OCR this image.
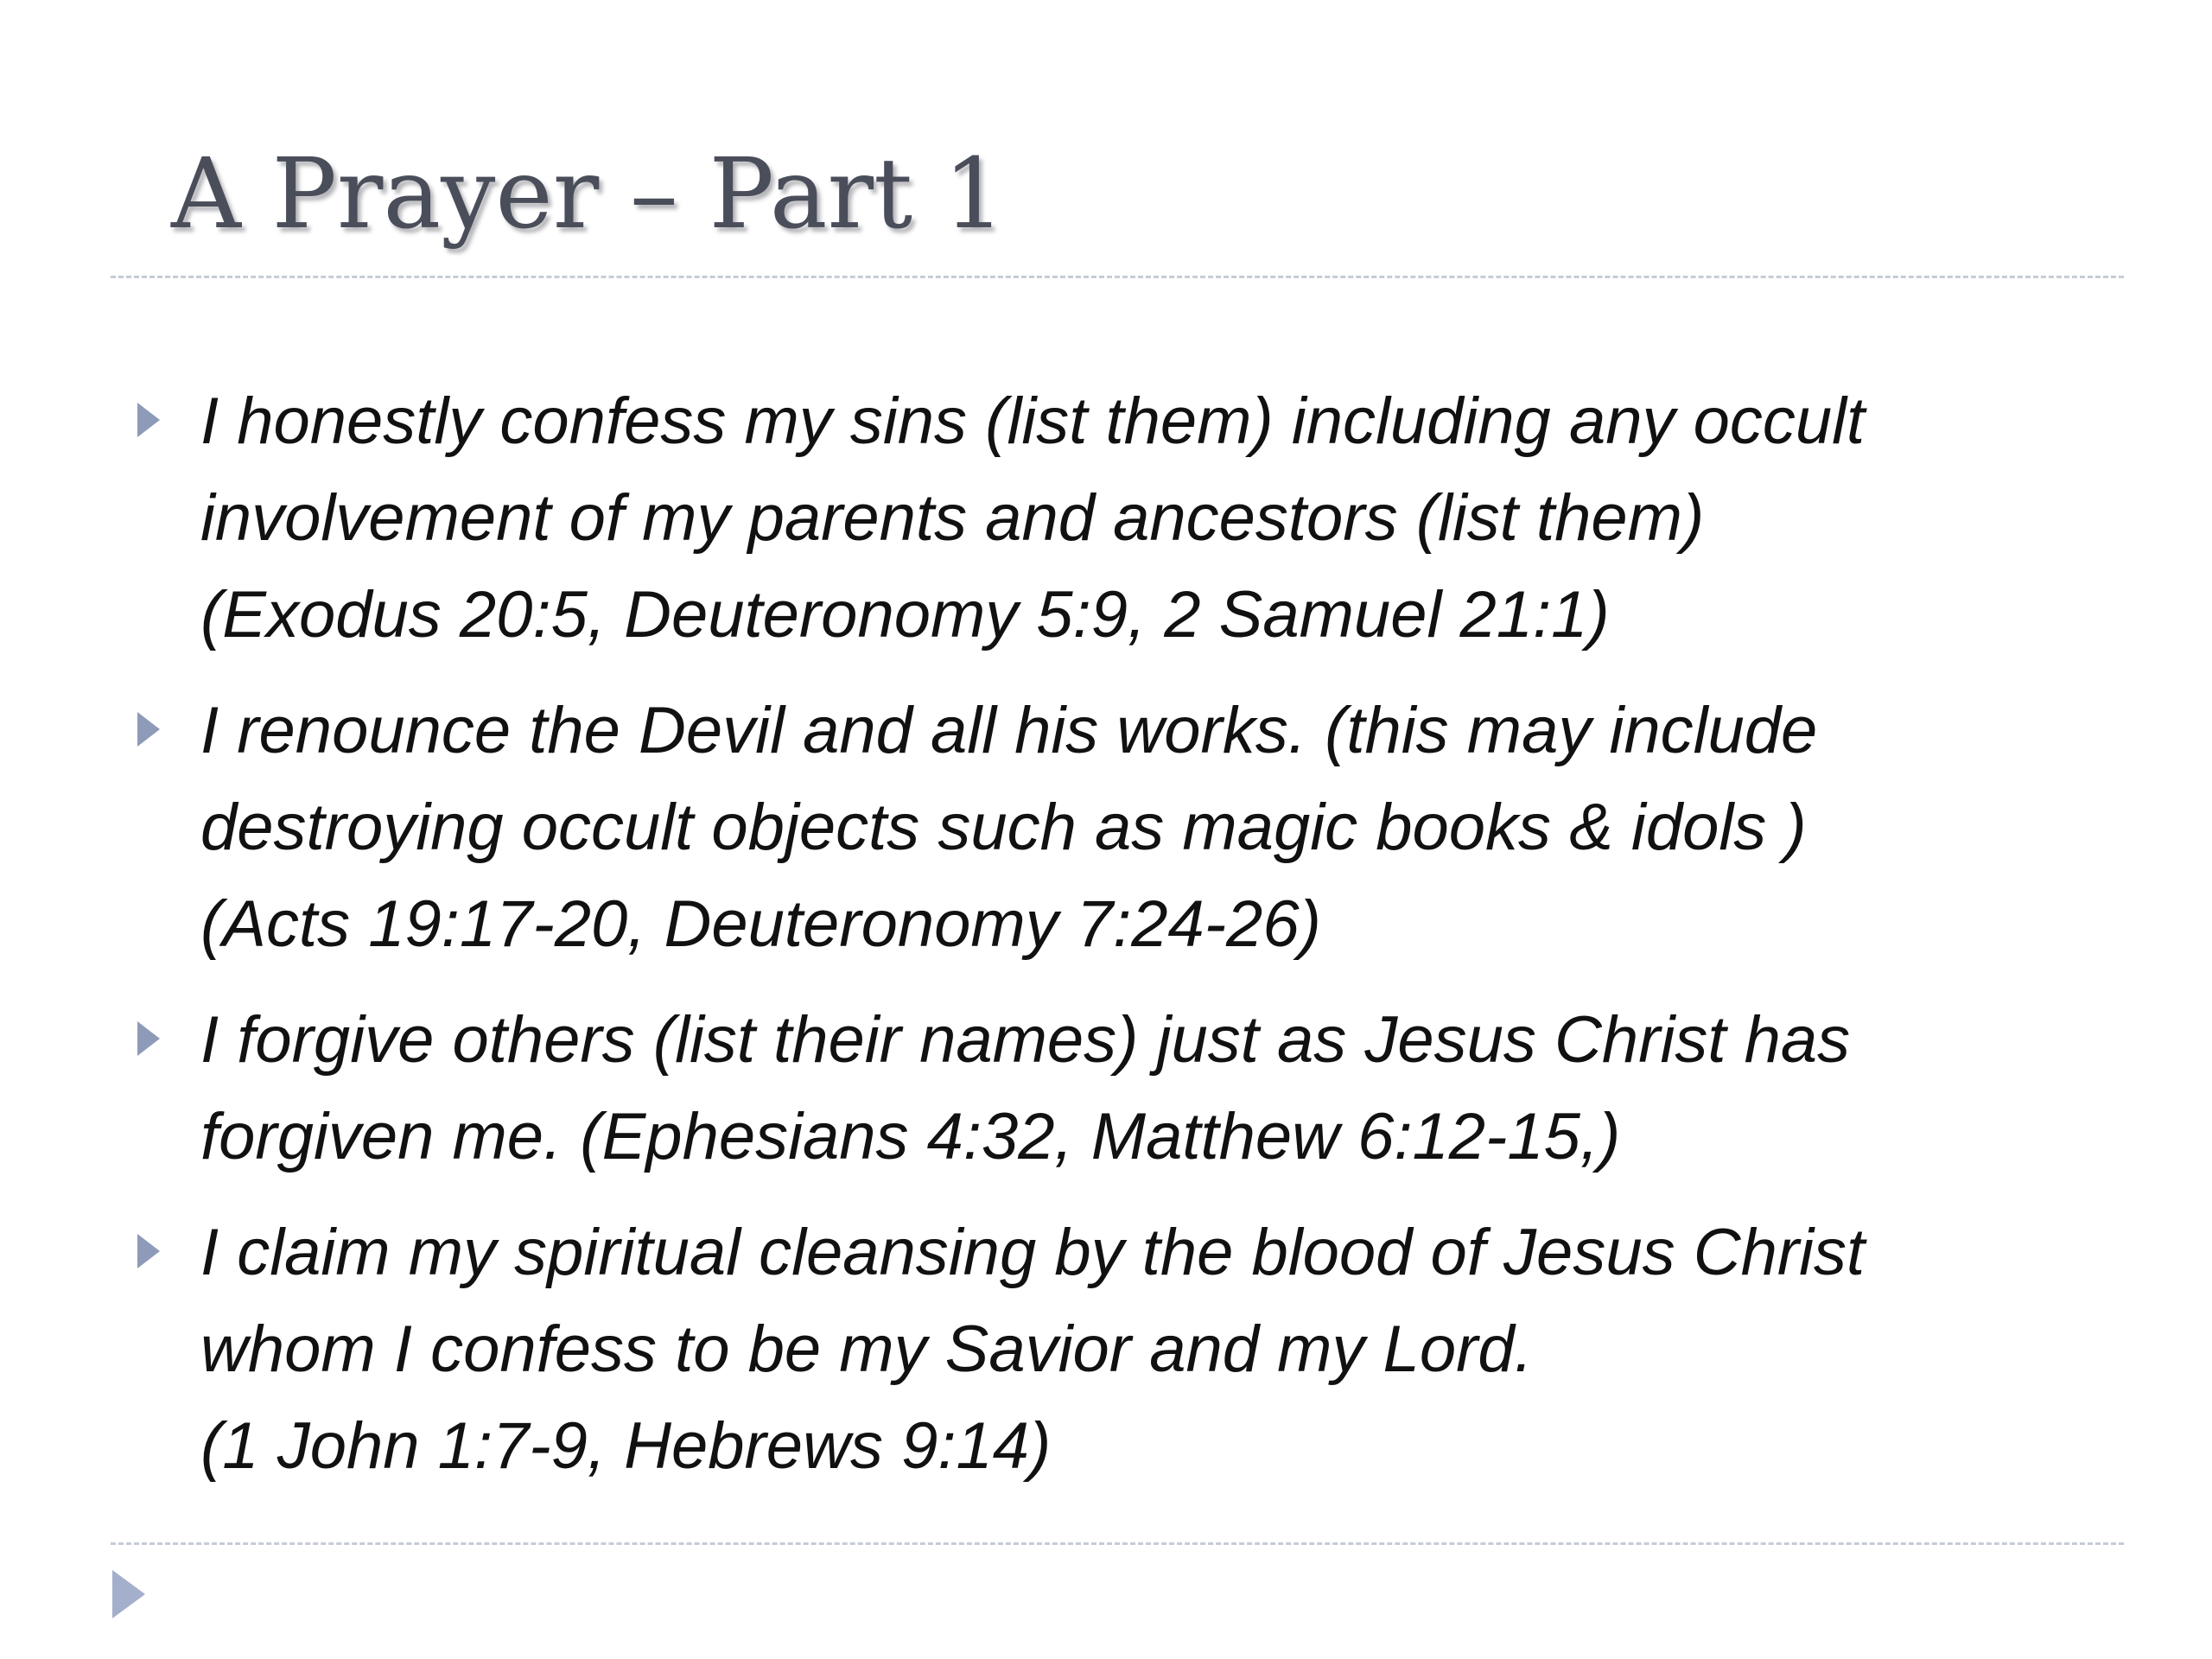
A Prayer – Part 1
I honestly confess my sins (list them) including any occult
involvement of my parents and ancestors (list them)
(Exodus 20:5, Deuteronomy 5:9, 2 Samuel 21:1)
I renounce the Devil and all his works. (this may include
destroying occult objects such as magic books & idols )
(Acts 19:17-20, Deuteronomy 7:24-26)
I forgive others (list their names) just as Jesus Christ has
forgiven me. (Ephesians 4:32, Matthew 6:12-15,)
I claim my spiritual cleansing by the blood of Jesus Christ
whom I confess to be my Savior and my Lord.
(1 John 1:7-9, Hebrews 9:14)
